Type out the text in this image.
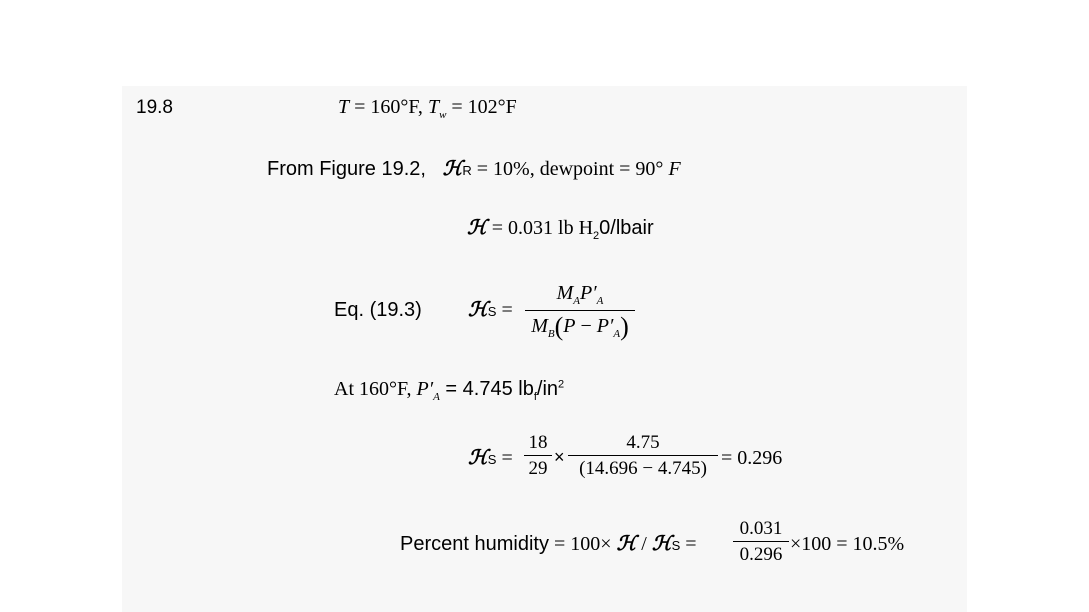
19.8	T = 160°F, $T_w = 102^\circ F$
From Figure 19.2, ℋR = 10%, dewpoint = 90° F
ℋ = 0.031 lb $H_20$/lbair
Eq. (19.3) ℋS =
$M_AP'_A$
$M_B(P - P'_A)$
At 160°F, $P'_A = 4.745$ $lb_f/in^2$
ℋS =
18
29
×
4.75
(14.696 − 4.745) = 0.296
Percent humidity = 100× ℋ / ℋS =
0.031
0.296 ×100 = 10.5%
